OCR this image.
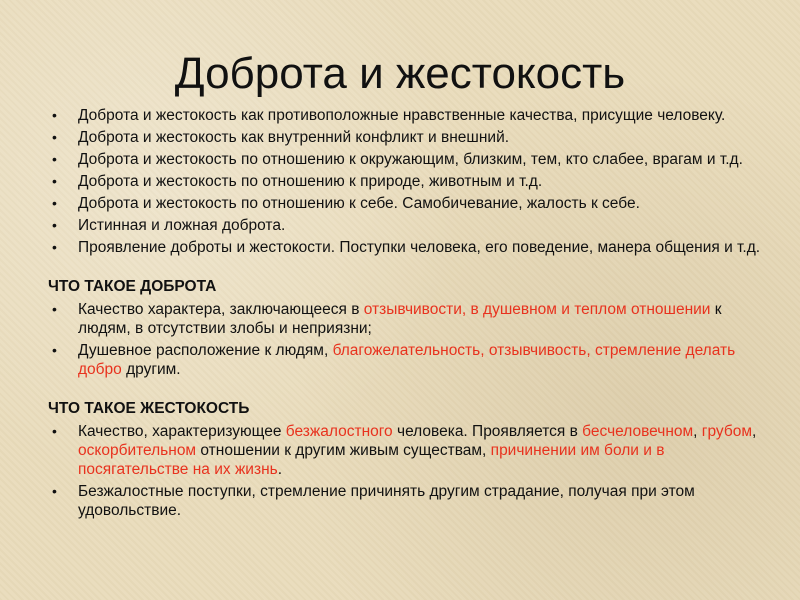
Доброта и жестокость
• Доброта и жестокость как противоположные нравственные качества, присущие человеку.
• Доброта и жестокость как внутренний конфликт и внешний.
• Доброта и жестокость по отношению к окружающим, близким, тем, кто слабее, врагам и т.д.
• Доброта и жестокость по отношению к природе, животным и т.д.
• Доброта и жестокость по отношению к себе. Самобичевание, жалость к себе.
• Истинная и ложная доброта.
• Проявление доброты и жестокости. Поступки человека, его поведение, манера общения и т.д.
ЧТО ТАКОЕ ДОБРОТА
• Качество характера, заключающееся в отзывчивости, в душевном и теплом отношении к людям, в отсутствии злобы и неприязни;
• Душевное расположение к людям, благожелательность, отзывчивость, стремление делать добро другим.
ЧТО ТАКОЕ ЖЕСТОКОСТЬ
• Качество, характеризующее безжалостного человека. Проявляется в бесчеловечном, грубом, оскорбительном отношении к другим живым существам, причинении им боли и в посягательстве на их жизнь.
• Безжалостные поступки, стремление причинять другим страдание, получая при этом удовольствие.
